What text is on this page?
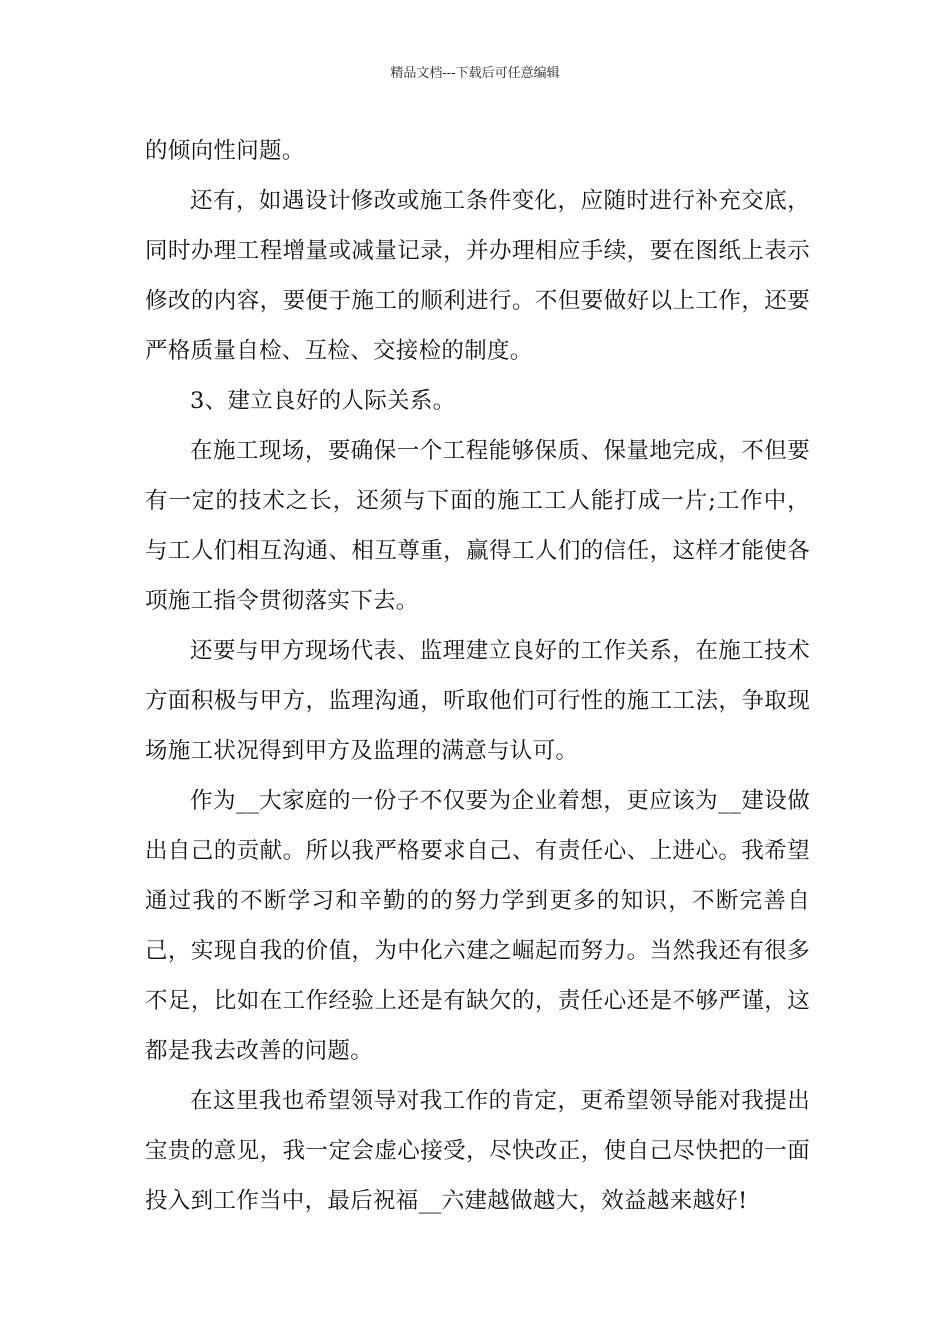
精品文档---下载后可任意编辑

的倾向性问题。

还有，如遇设计修改或施工条件变化，应随时进行补充交底，同时办理工程增量或减量记录，并办理相应手续，要在图纸上表示修改的内容，要便于施工的顺利进行。不但要做好以上工作，还要严格质量自检、互检、交接检的制度。

3、建立良好的人际关系。

在施工现场，要确保一个工程能够保质、保量地完成，不但要有一定的技术之长，还须与下面的施工工人能打成一片;工作中，与工人们相互沟通、相互尊重，赢得工人们的信任，这样才能使各项施工指令贯彻落实下去。

还要与甲方现场代表、监理建立良好的工作关系，在施工技术方面积极与甲方，监理沟通，听取他们可行性的施工工法，争取现场施工状况得到甲方及监理的满意与认可。

作为__大家庭的一份子不仅要为企业着想，更应该为__建设做出自己的贡献。所以我严格要求自己、有责任心、上进心。我希望通过我的不断学习和辛勤的的努力学到更多的知识，不断完善自己，实现自我的价值，为中化六建之崛起而努力。当然我还有很多不足，比如在工作经验上还是有缺欠的，责任心还是不够严谨，这都是我去改善的问题。

在这里我也希望领导对我工作的肯定，更希望领导能对我提出宝贵的意见，我一定会虚心接受，尽快改正，使自己尽快把的一面投入到工作当中，最后祝福__六建越做越大，效益越来越好!
